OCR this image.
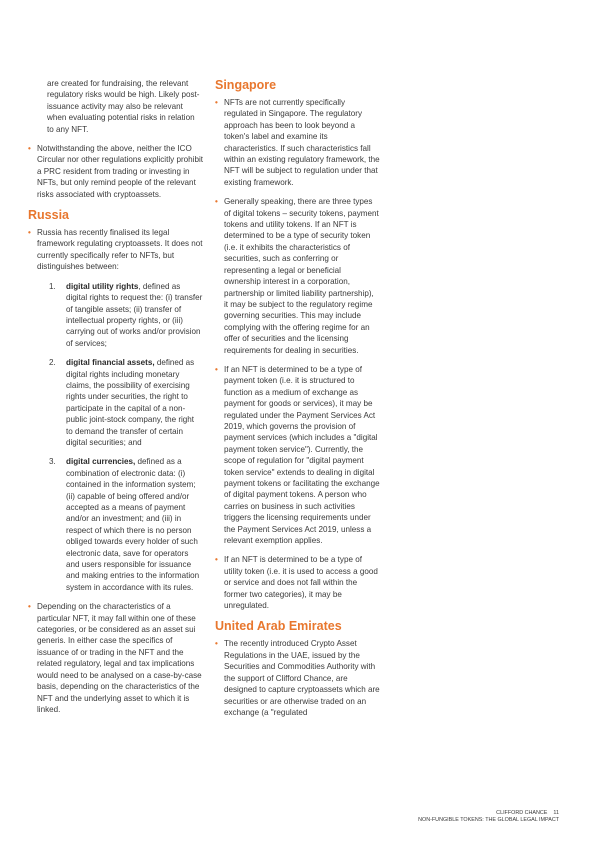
are created for fundraising, the relevant regulatory risks would be high. Likely post-issuance activity may also be relevant when evaluating potential risks in relation to any NFT.

• Notwithstanding the above, neither the ICO Circular nor other regulations explicitly prohibit a PRC resident from trading or investing in NFTs, but only remind people of the relevant risks associated with cryptoassets.

Russia

• Russia has recently finalised its legal framework regulating cryptoassets. It does not currently specifically refer to NFTs, but distinguishes between:

1. digital utility rights, defined as digital rights to request the: (i) transfer of tangible assets; (ii) transfer of intellectual property rights, or (iii) carrying out of works and/or provision of services;
2. digital financial assets, defined as digital rights including monetary claims, the possibility of exercising rights under securities, the right to participate in the capital of a non-public joint-stock company, the right to demand the transfer of certain digital securities; and
3. digital currencies, defined as a combination of electronic data: (i) contained in the information system; (ii) capable of being offered and/or accepted as a means of payment and/or an investment; and (iii) in respect of which there is no person obliged towards every holder of such electronic data, save for operators and users responsible for issuance and making entries to the information system in accordance with its rules.

• Depending on the characteristics of a particular NFT, it may fall within one of these categories, or be considered as an asset sui generis. In either case the specifics of issuance of or trading in the NFT and the related regulatory, legal and tax implications would need to be analysed on a case-by-case basis, depending on the characteristics of the NFT and the underlying asset to which it is linked.

Singapore

• NFTs are not currently specifically regulated in Singapore. The regulatory approach has been to look beyond a token's label and examine its characteristics. If such characteristics fall within an existing regulatory framework, the NFT will be subject to regulation under that existing framework.

• Generally speaking, there are three types of digital tokens – security tokens, payment tokens and utility tokens. If an NFT is determined to be a type of security token (i.e. it exhibits the characteristics of securities, such as conferring or representing a legal or beneficial ownership interest in a corporation, partnership or limited liability partnership), it may be subject to the regulatory regime governing securities. This may include complying with the offering regime for an offer of securities and the licensing requirements for dealing in securities.

• If an NFT is determined to be a type of payment token (i.e. it is structured to function as a medium of exchange as payment for goods or services), it may be regulated under the Payment Services Act 2019, which governs the provision of payment services (which includes a "digital payment token service"). Currently, the scope of regulation for "digital payment token service" extends to dealing in digital payment tokens or facilitating the exchange of digital payment tokens. A person who carries on business in such activities triggers the licensing requirements under the Payment Services Act 2019, unless a relevant exemption applies.

• If an NFT is determined to be a type of utility token (i.e. it is used to access a good or service and does not fall within the former two categories), it may be unregulated.

United Arab Emirates

• The recently introduced Crypto Asset Regulations in the UAE, issued by the Securities and Commodities Authority with the support of Clifford Chance, are designed to capture cryptoassets which are securities or are otherwise traded on an exchange (a "regulated

CLIFFORD CHANCE 11
NON-FUNGIBLE TOKENS: THE GLOBAL LEGAL IMPACT
